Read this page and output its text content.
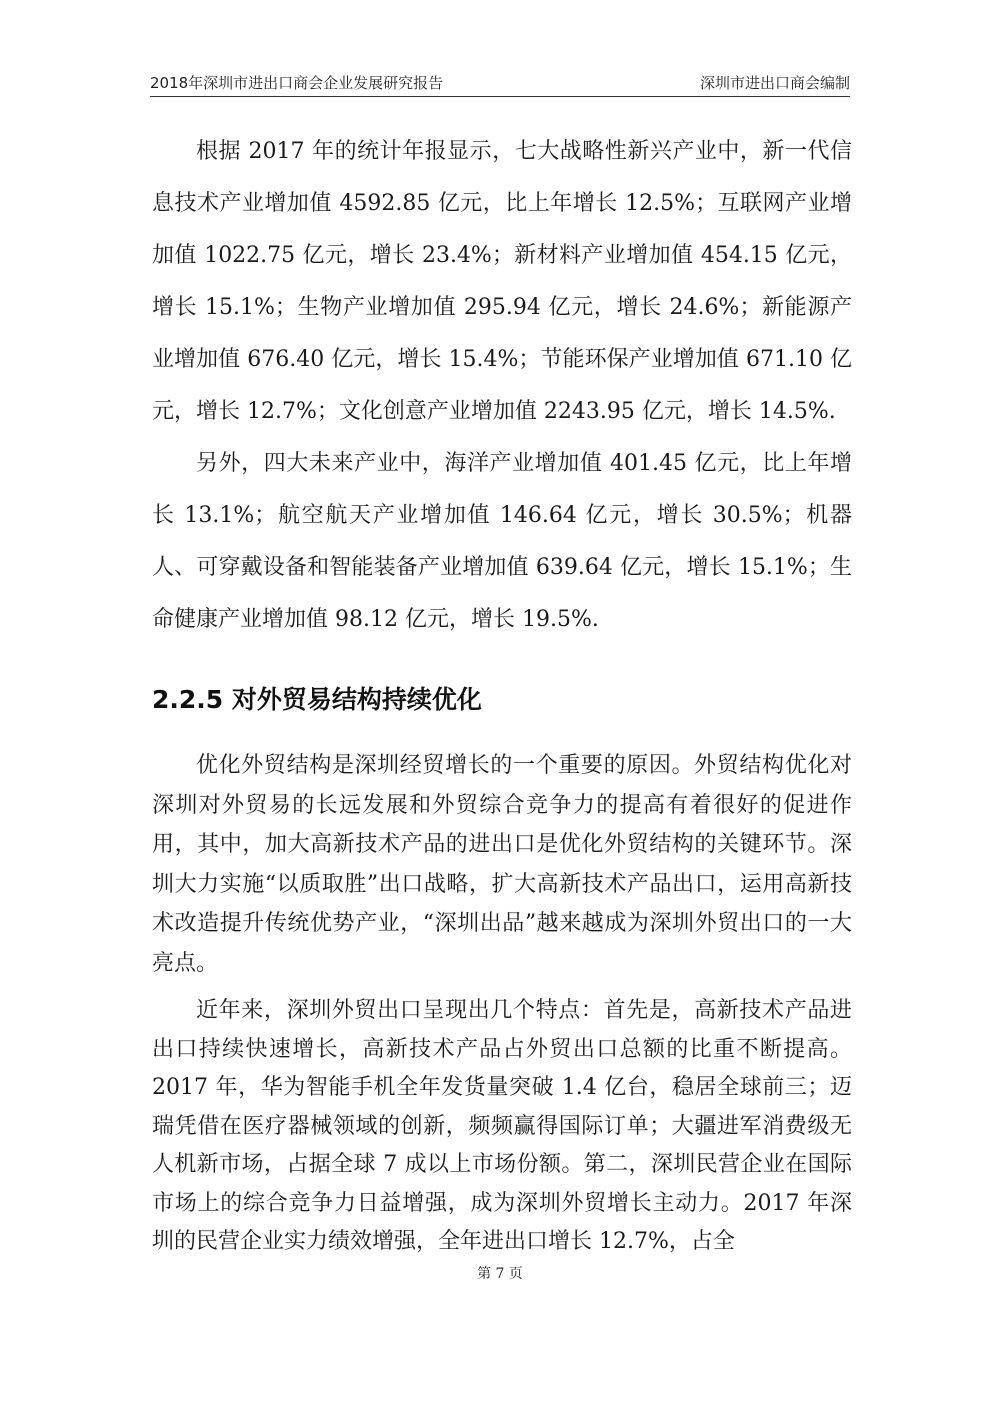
2018年深圳市进出口商会企业发展研究报告	深圳市进出口商会编制

根据 2017 年的统计年报显示，七大战略性新兴产业中，新一代信息技术产业增加值 4592.85 亿元，比上年增长 12.5%；互联网产业增加值 1022.75 亿元，增长 23.4%；新材料产业增加值 454.15 亿元，增长 15.1%；生物产业增加值 295.94 亿元，增长 24.6%；新能源产业增加值 676.40 亿元，增长 15.4%；节能环保产业增加值 671.10 亿元，增长 12.7%；文化创意产业增加值 2243.95 亿元，增长 14.5%.

另外，四大未来产业中，海洋产业增加值 401.45 亿元，比上年增长 13.1%；航空航天产业增加值 146.64 亿元，增长 30.5%；机器人、可穿戴设备和智能装备产业增加值 639.64 亿元，增长 15.1%；生命健康产业增加值 98.12 亿元，增长 19.5%.

2.2.5 对外贸易结构持续优化

优化外贸结构是深圳经贸增长的一个重要的原因。外贸结构优化对深圳对外贸易的长远发展和外贸综合竞争力的提高有着很好的促进作用，其中，加大高新技术产品的进出口是优化外贸结构的关键环节。深圳大力实施“以质取胜”出口战略，扩大高新技术产品出口，运用高新技术改造提升传统优势产业，“深圳出品”越来越成为深圳外贸出口的一大亮点。

近年来，深圳外贸出口呈现出几个特点：首先是，高新技术产品进出口持续快速增长，高新技术产品占外贸出口总额的比重不断提高。2017 年，华为智能手机全年发货量突破 1.4 亿台，稳居全球前三；迈瑞凭借在医疗器械领域的创新，频频赢得国际订单；大疆进军消费级无人机新市场，占据全球 7 成以上市场份额。第二，深圳民营企业在国际市场上的综合竞争力日益增强，成为深圳外贸增长主动力。2017 年深圳的民营企业实力绩效增强，全年进出口增长 12.7%，占全

第 7 页
